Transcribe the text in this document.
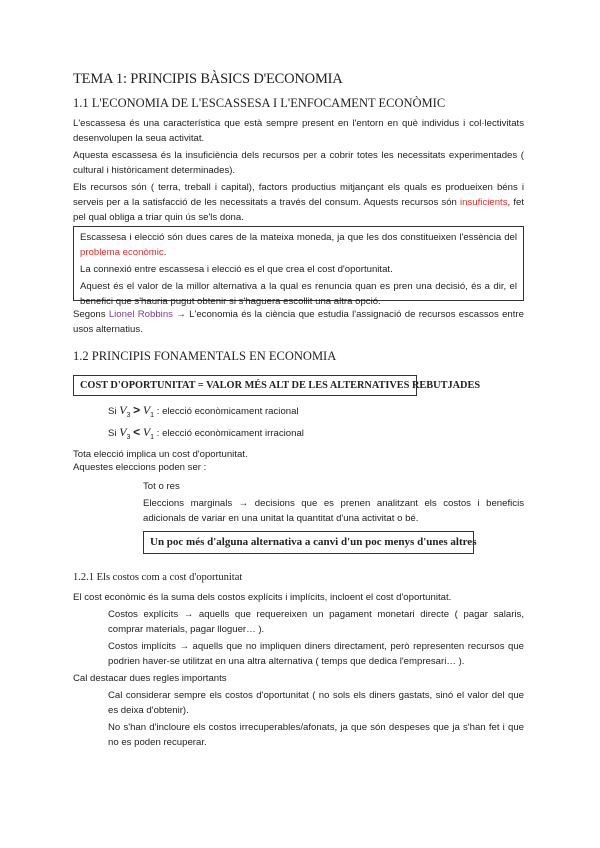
TEMA 1: PRINCIPIS BÀSICS D'ECONOMIA
1.1 L'ECONOMIA DE L'ESCASSESA I L'ENFOCAMENT ECONÒMIC
L'escassesa és una característica que està sempre present en l'entorn en què individus i col·lectivitats desenvolupen la seua activitat.
Aquesta escassesa és la insuficiència dels recursos per a cobrir totes les necessitats experimentades ( cultural i històricament determinades).
Els recursos són ( terra, treball i capital), factors productius mitjançant els quals es produeixen béns i serveis per a la satisfacció de les necessitats a través del consum. Aquests recursos són insuficients, fet pel qual obliga a triar quin ús se'ls dona.

Escassesa i elecció són dues cares de la mateixa moneda, ja que les dos constitueixen l'essència del problema econòmic.

La connexió entre escassesa i elecció es el que crea el cost d'oportunitat.

Aquest és el valor de la millor alternativa a la qual es renuncia quan es pren una decisió, és a dir, el benefici que s'hauria pugut obtenir si s'haguera escollit una altra opció.

Segons Lionel Robbins → L'economia és la ciència que estudia l'assignació de recursos escassos entre usos alternatius.
1.2 PRINCIPIS FONAMENTALS EN ECONOMIA
COST D'OPORTUNITAT = VALOR MÉS ALT DE LES ALTERNATIVES REBUTJADES
Si $V_3 > V_1$ : elecció econòmicament racional
Si $V_3 < V_1$ : elecció econòmicament irracional
Tota elecció implica un cost d'oportunitat.
Aquestes eleccions poden ser :
Tot o res
Eleccions marginals → decisions que es prenen analitzant els costos i beneficis adicionals de variar en una unitat la quantitat d'una activitat o bé.
Un poc més d'alguna alternativa a canvi d'un poc menys d'unes altres
1.2.1 Els costos com a cost d'oportunitat
El cost econòmic és la suma dels costos explícits i implícits, incloent el cost d'oportunitat.
Costos explícits → aquells que requereixen un pagament monetari directe ( pagar salaris, comprar materials, pagar lloguer… ).
Costos implícits → aquells que no impliquen diners directament, però representen recursos que podrien haver-se utilitzat en una altra alternativa ( temps que dedica l'empresari… ).
Cal destacar dues regles importants
Cal considerar sempre els costos d'oportunitat ( no sols els diners gastats, sinó el valor del que es deixa d'obtenir).
No s'han d'incloure els costos irrecuperables/afonats, ja que són despeses que ja s'han fet i que no es poden recuperar.
